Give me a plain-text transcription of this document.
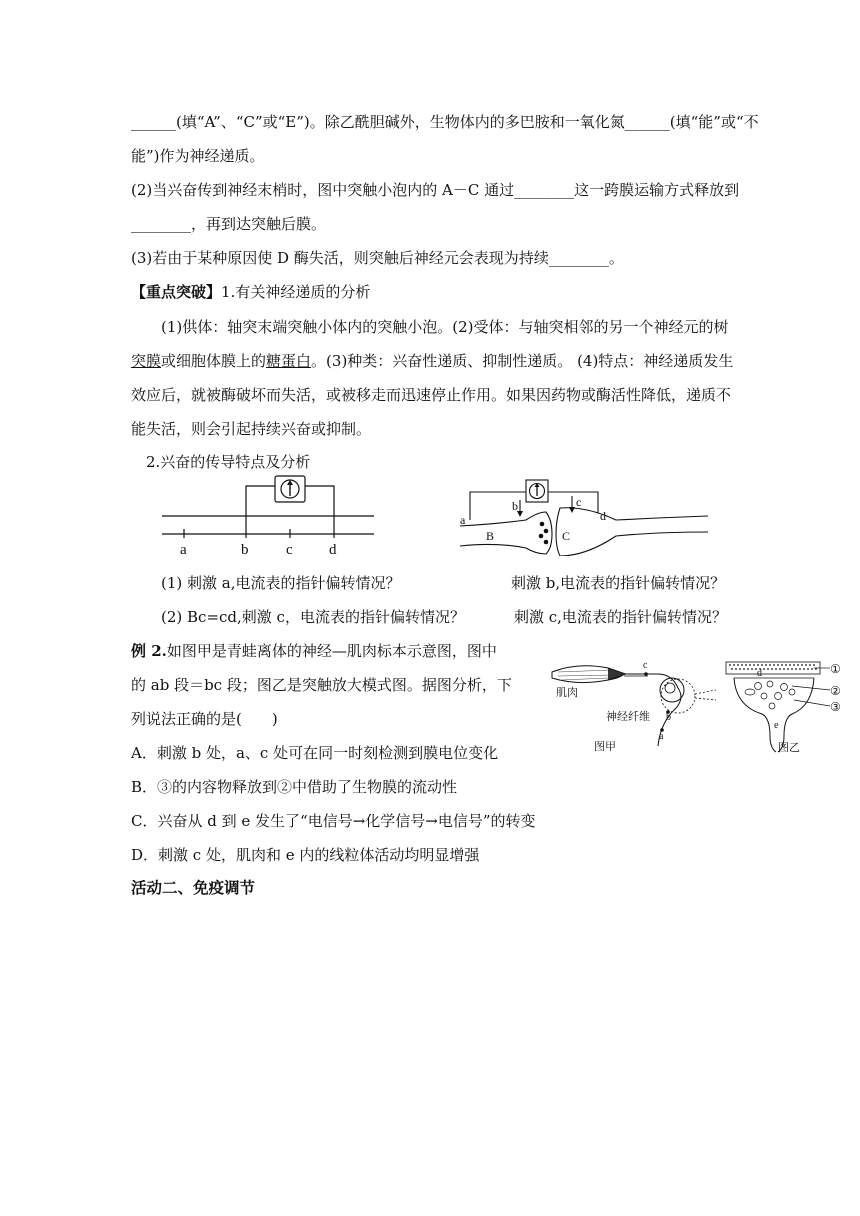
______(填“A”、“C”或“E”)。除乙酰胆碱外，生物体内的多巴胺和一氧化氮______(填“能”或“不
能”)作为神经递质。
(2)当兴奋传到神经末梢时，图中突触小泡内的 A－C 通过________这一跨膜运输方式释放到
________，再到达突触后膜。
(3)若由于某种原因使 D 酶失活，则突触后神经元会表现为持续________。
【重点突破】1.有关神经递质的分析
(1)供体：轴突末端突触小体内的突触小泡。(2)受体：与轴突相邻的另一个神经元的树
突膜或细胞体膜上的糖蛋白。(3)种类：兴奋性递质、抑制性递质。 (4)特点：神经递质发生
效应后，就被酶破坏而失活，或被移走而迅速停止作用。如果因药物或酶活性降低，递质不
能失活，则会引起持续兴奋或抑制。
2.兴奋的传导特点及分析
a	b	c d
a
b	c
d
B	C
(1) 刺激 a,电流表的指针偏转情况？	刺激 b,电流表的指针偏转情况？
(2) Bc=cd,刺激 c，电流表的指针偏转情况？	刺激 c,电流表的指针偏转情况？
例 2.如图甲是青蛙离体的神经—肌肉标本示意图，图中
的 ab 段＝bc 段；图乙是突触放大模式图。据图分析，下
列说法正确的是(　　)
A．刺激 b 处，a、c 处可在同一时刻检测到膜电位变化
B．③的内容物释放到②中借助了生物膜的流动性
C．兴奋从 d 到 e 发生了“电信号→化学信号→电信号”的转变
D．刺激 c 处，肌肉和 e 内的线粒体活动均明显增强
肌肉
神经纤维
图甲
c
b
a
d
e
①
②
③
图乙
活动二、免疫调节
